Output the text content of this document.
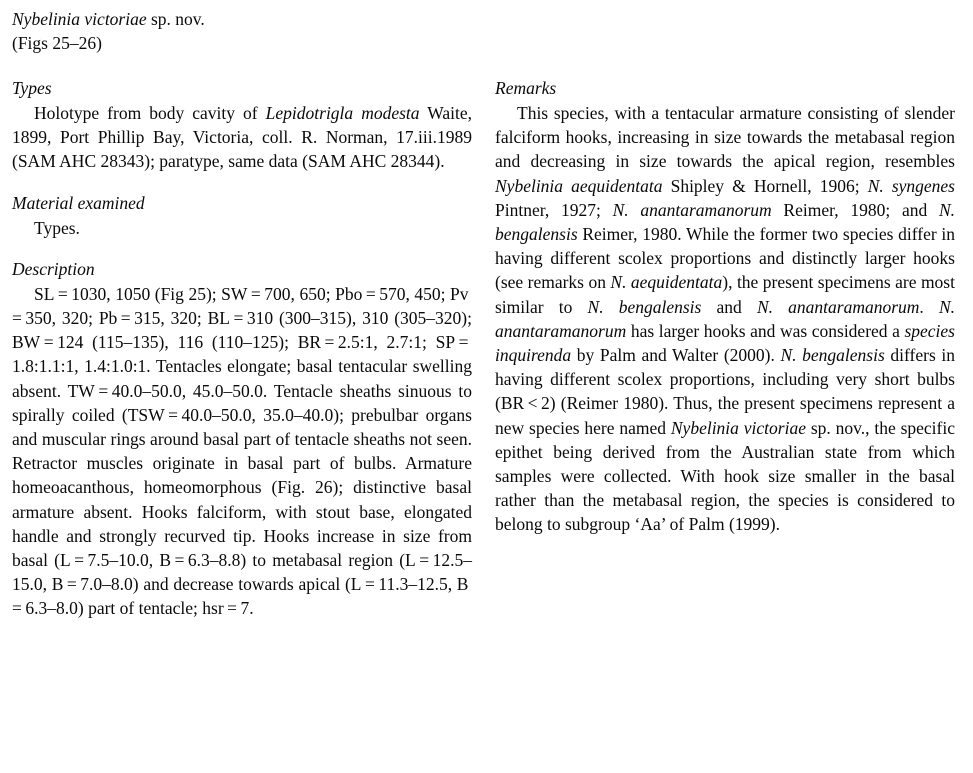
Nybelinia victoriae sp. nov.
(Figs 25–26)
Types

Holotype from body cavity of Lepidotrigla modesta Waite, 1899, Port Phillip Bay, Victoria, coll. R. Norman, 17.iii.1989 (SAM AHC 28343); paratype, same data (SAM AHC 28344).

Material examined

Types.

Description

SL = 1030, 1050 (Fig 25); SW = 700, 650; Pbo = 570, 450; Pv = 350, 320; Pb = 315, 320; BL = 310 (300–315), 310 (305–320); BW = 124 (115–135), 116 (110–125); BR = 2.5:1, 2.7:1; SP = 1.8:1.1:1, 1.4:1.0:1. Tentacles elongate; basal tentacular swelling absent. TW = 40.0–50.0, 45.0–50.0. Tentacle sheaths sinuous to spirally coiled (TSW = 40.0–50.0, 35.0–40.0); prebulbar organs and muscular rings around basal part of tentacle sheaths not seen. Retractor muscles originate in basal part of bulbs. Armature homeoacanthous, homeomorphous (Fig. 26); distinctive basal armature absent. Hooks falciform, with stout base, elongated handle and strongly recurved tip. Hooks increase in size from basal (L = 7.5–10.0, B = 6.3–8.8) to metabasal region (L = 12.5–15.0, B = 7.0–8.0) and decrease towards apical (L = 11.3–12.5, B = 6.3–8.0) part of tentacle; hsr = 7.

Remarks

This species, with a tentacular armature consisting of slender falciform hooks, increasing in size towards the metabasal region and decreasing in size towards the apical region, resembles Nybelinia aequidentata Shipley & Hornell, 1906; N. syngenes Pintner, 1927; N. anantaramanorum Reimer, 1980; and N. bengalensis Reimer, 1980. While the former two species differ in having different scolex proportions and distinctly larger hooks (see remarks on N. aequidentata), the present specimens are most similar to N. bengalensis and N. anantaramanorum. N. anantaramanorum has larger hooks and was considered a species inquirenda by Palm and Walter (2000). N. bengalensis differs in having different scolex proportions, including very short bulbs (BR < 2) (Reimer 1980). Thus, the present specimens represent a new species here named Nybelinia victoriae sp. nov., the specific epithet being derived from the Australian state from which samples were collected. With hook size smaller in the basal rather than the metabasal region, the species is considered to belong to subgroup ‘Aa’ of Palm (1999).
